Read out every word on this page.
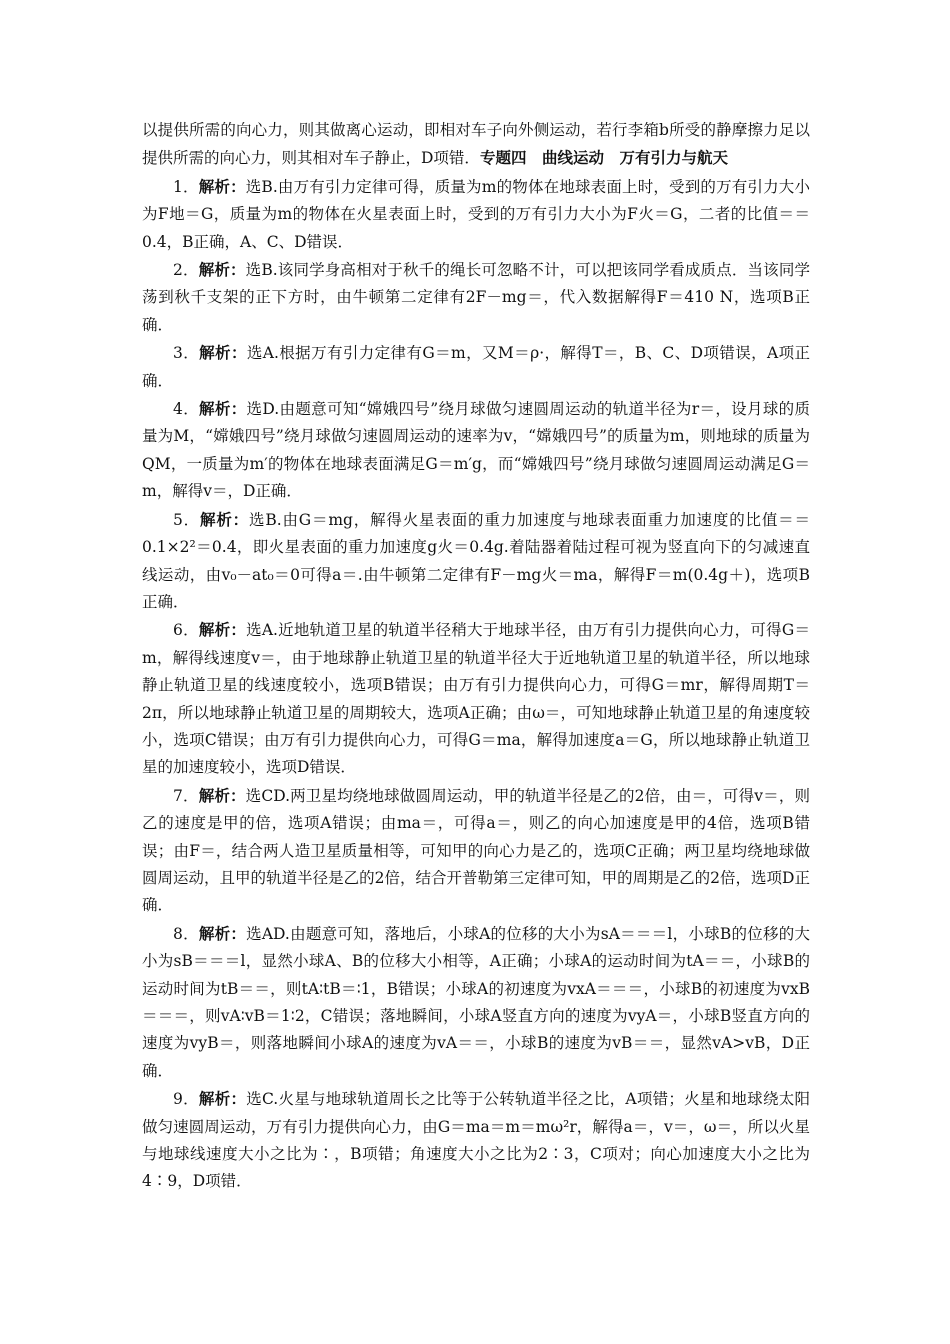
以提供所需的向心力，则其做离心运动，即相对车子向外侧运动，若行李箱b所受的静摩擦力足以提供所需的向心力，则其相对车子静止，D项错．专题四　曲线运动　万有引力与航天

1．解析：选B.由万有引力定律可得，质量为m的物体在地球表面上时，受到的万有引力大小为F地＝G，质量为m的物体在火星表面上时，受到的万有引力大小为F火＝G，二者的比值＝＝0.4，B正确，A、C、D错误．

2．解析：选B.该同学身高相对于秋千的绳长可忽略不计，可以把该同学看成质点．当该同学荡到秋千支架的正下方时，由牛顿第二定律有2F－mg＝，代入数据解得F＝410 N，选项B正确．

3．解析：选A.根据万有引力定律有G＝m，又M＝ρ·，解得T＝，B、C、D项错误，A项正确．

4．解析：选D.由题意可知“嫦娥四号”绕月球做匀速圆周运动的轨道半径为r＝，设月球的质量为M，“嫦娥四号”绕月球做匀速圆周运动的速率为v，“嫦娥四号”的质量为m，则地球的质量为QM，一质量为m′的物体在地球表面满足G＝m′g，而“嫦娥四号”绕月球做匀速圆周运动满足G＝m，解得v＝，D正确．

5．解析：选B.由G＝mg，解得火星表面的重力加速度与地球表面重力加速度的比值＝＝0.1×2²＝0.4，即火星表面的重力加速度g火＝0.4g.着陆器着陆过程可视为竖直向下的匀减速直线运动，由v₀－at₀＝0可得a＝.由牛顿第二定律有F－mg火＝ma，解得F＝m(0.4g＋)，选项B正确．

6．解析：选A.近地轨道卫星的轨道半径稍大于地球半径，由万有引力提供向心力，可得G＝m，解得线速度v＝，由于地球静止轨道卫星的轨道半径大于近地轨道卫星的轨道半径，所以地球静止轨道卫星的线速度较小，选项B错误；由万有引力提供向心力，可得G＝mr，解得周期T＝2π，所以地球静止轨道卫星的周期较大，选项A正确；由ω＝，可知地球静止轨道卫星的角速度较小，选项C错误；由万有引力提供向心力，可得G＝ma，解得加速度a＝G，所以地球静止轨道卫星的加速度较小，选项D错误．

7．解析：选CD.两卫星均绕地球做圆周运动，甲的轨道半径是乙的2倍，由＝，可得v＝，则乙的速度是甲的倍，选项A错误；由ma＝，可得a＝，则乙的向心加速度是甲的4倍，选项B错误；由F＝，结合两人造卫星质量相等，可知甲的向心力是乙的，选项C正确；两卫星均绕地球做圆周运动，且甲的轨道半径是乙的2倍，结合开普勒第三定律可知，甲的周期是乙的2倍，选项D正确．

8．解析：选AD.由题意可知，落地后，小球A的位移的大小为sA＝＝＝l，小球B的位移的大小为sB＝＝＝l，显然小球A、B的位移大小相等，A正确；小球A的运动时间为tA＝＝，小球B的运动时间为tB＝＝，则tA∶tB＝∶1，B错误；小球A的初速度为vxA＝＝＝，小球B的初速度为vxB＝＝＝，则vA∶vB＝1∶2，C错误；落地瞬间，小球A竖直方向的速度为vyA＝，小球B竖直方向的速度为vyB＝，则落地瞬间小球A的速度为vA＝＝，小球B的速度为vB＝＝，显然vA>vB，D正确．

9．解析：选C.火星与地球轨道周长之比等于公转轨道半径之比，A项错；火星和地球绕太阳做匀速圆周运动，万有引力提供向心力，由G＝ma＝m＝mω²r，解得a＝，v＝，ω＝，所以火星与地球线速度大小之比为∶，B项错；角速度大小之比为2∶3，C项对；向心加速度大小之比为4∶9，D项错．
